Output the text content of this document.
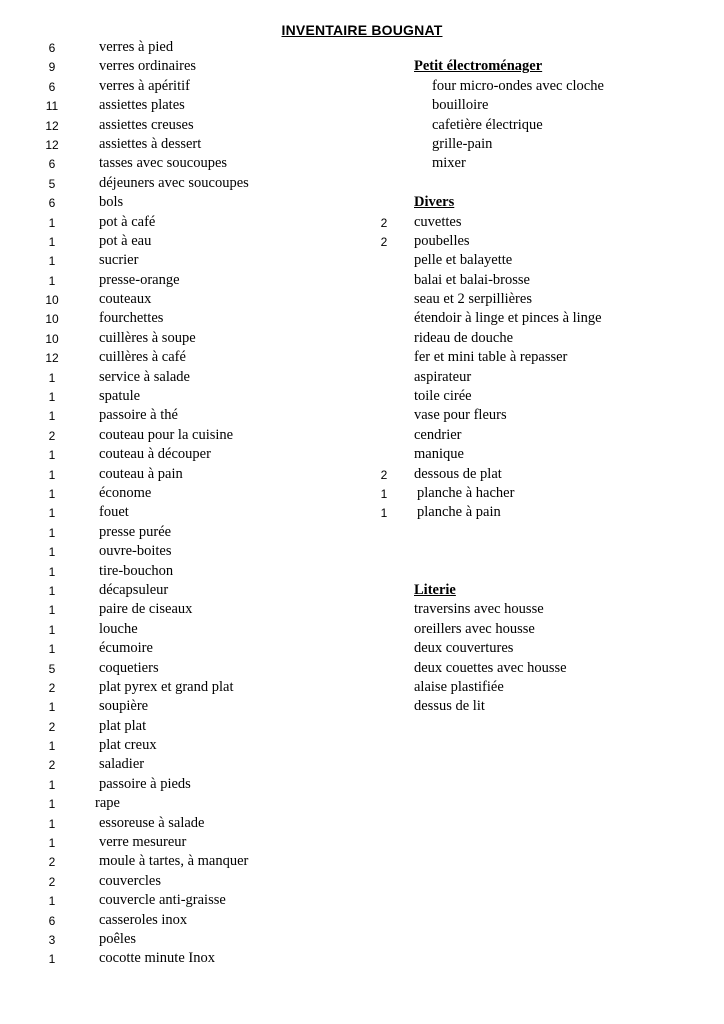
INVENTAIRE BOUGNAT
6	verres à pied
9	verres ordinaires
6	verres à apéritif
11	assiettes plates
12	assiettes creuses
12	assiettes à dessert
6	tasses avec soucoupes
5	déjeuners avec soucoupes
6	bols
1	pot à café
1	pot à eau
1	sucrier
1	presse-orange
10	couteaux
10	fourchettes
10	cuillères à soupe
12	cuillères à café
1	service à salade
1	spatule
1	passoire à thé
2	couteau pour la cuisine
1	couteau à découper
1	couteau à pain
1	économe
1	fouet
1	presse purée
1	ouvre-boites
1	tire-bouchon
1	décapsuleur
1	paire de ciseaux
1	louche
1	écumoire
5	coquetiers
2	plat pyrex et grand plat
1	soupière
2	plat plat
1	plat creux
2	saladier
1	passoire à pieds
1	rape
1	essoreuse à salade
1	verre mesureur
2	moule à tartes, à manquer
2	couvercles
1	couvercle anti-graisse
6	casseroles inox
3	poêles
1	cocotte minute Inox
Petit électroménager
four micro-ondes avec cloche
bouilloire
cafetière électrique
grille-pain
mixer
Divers
2	cuvettes
2	poubelles
pelle et balayette
balai et balai-brosse
seau et 2 serpillières
étendoir à linge et pinces à linge
rideau de douche
fer et mini table à repasser
aspirateur
toile cirée
vase pour fleurs
cendrier
manique
2	dessous de plat
1	planche à hacher
1	planche à pain
Literie
traversins avec housse
oreillers avec housse
deux couvertures
deux couettes avec housse
alaise plastifiée
dessus de lit
